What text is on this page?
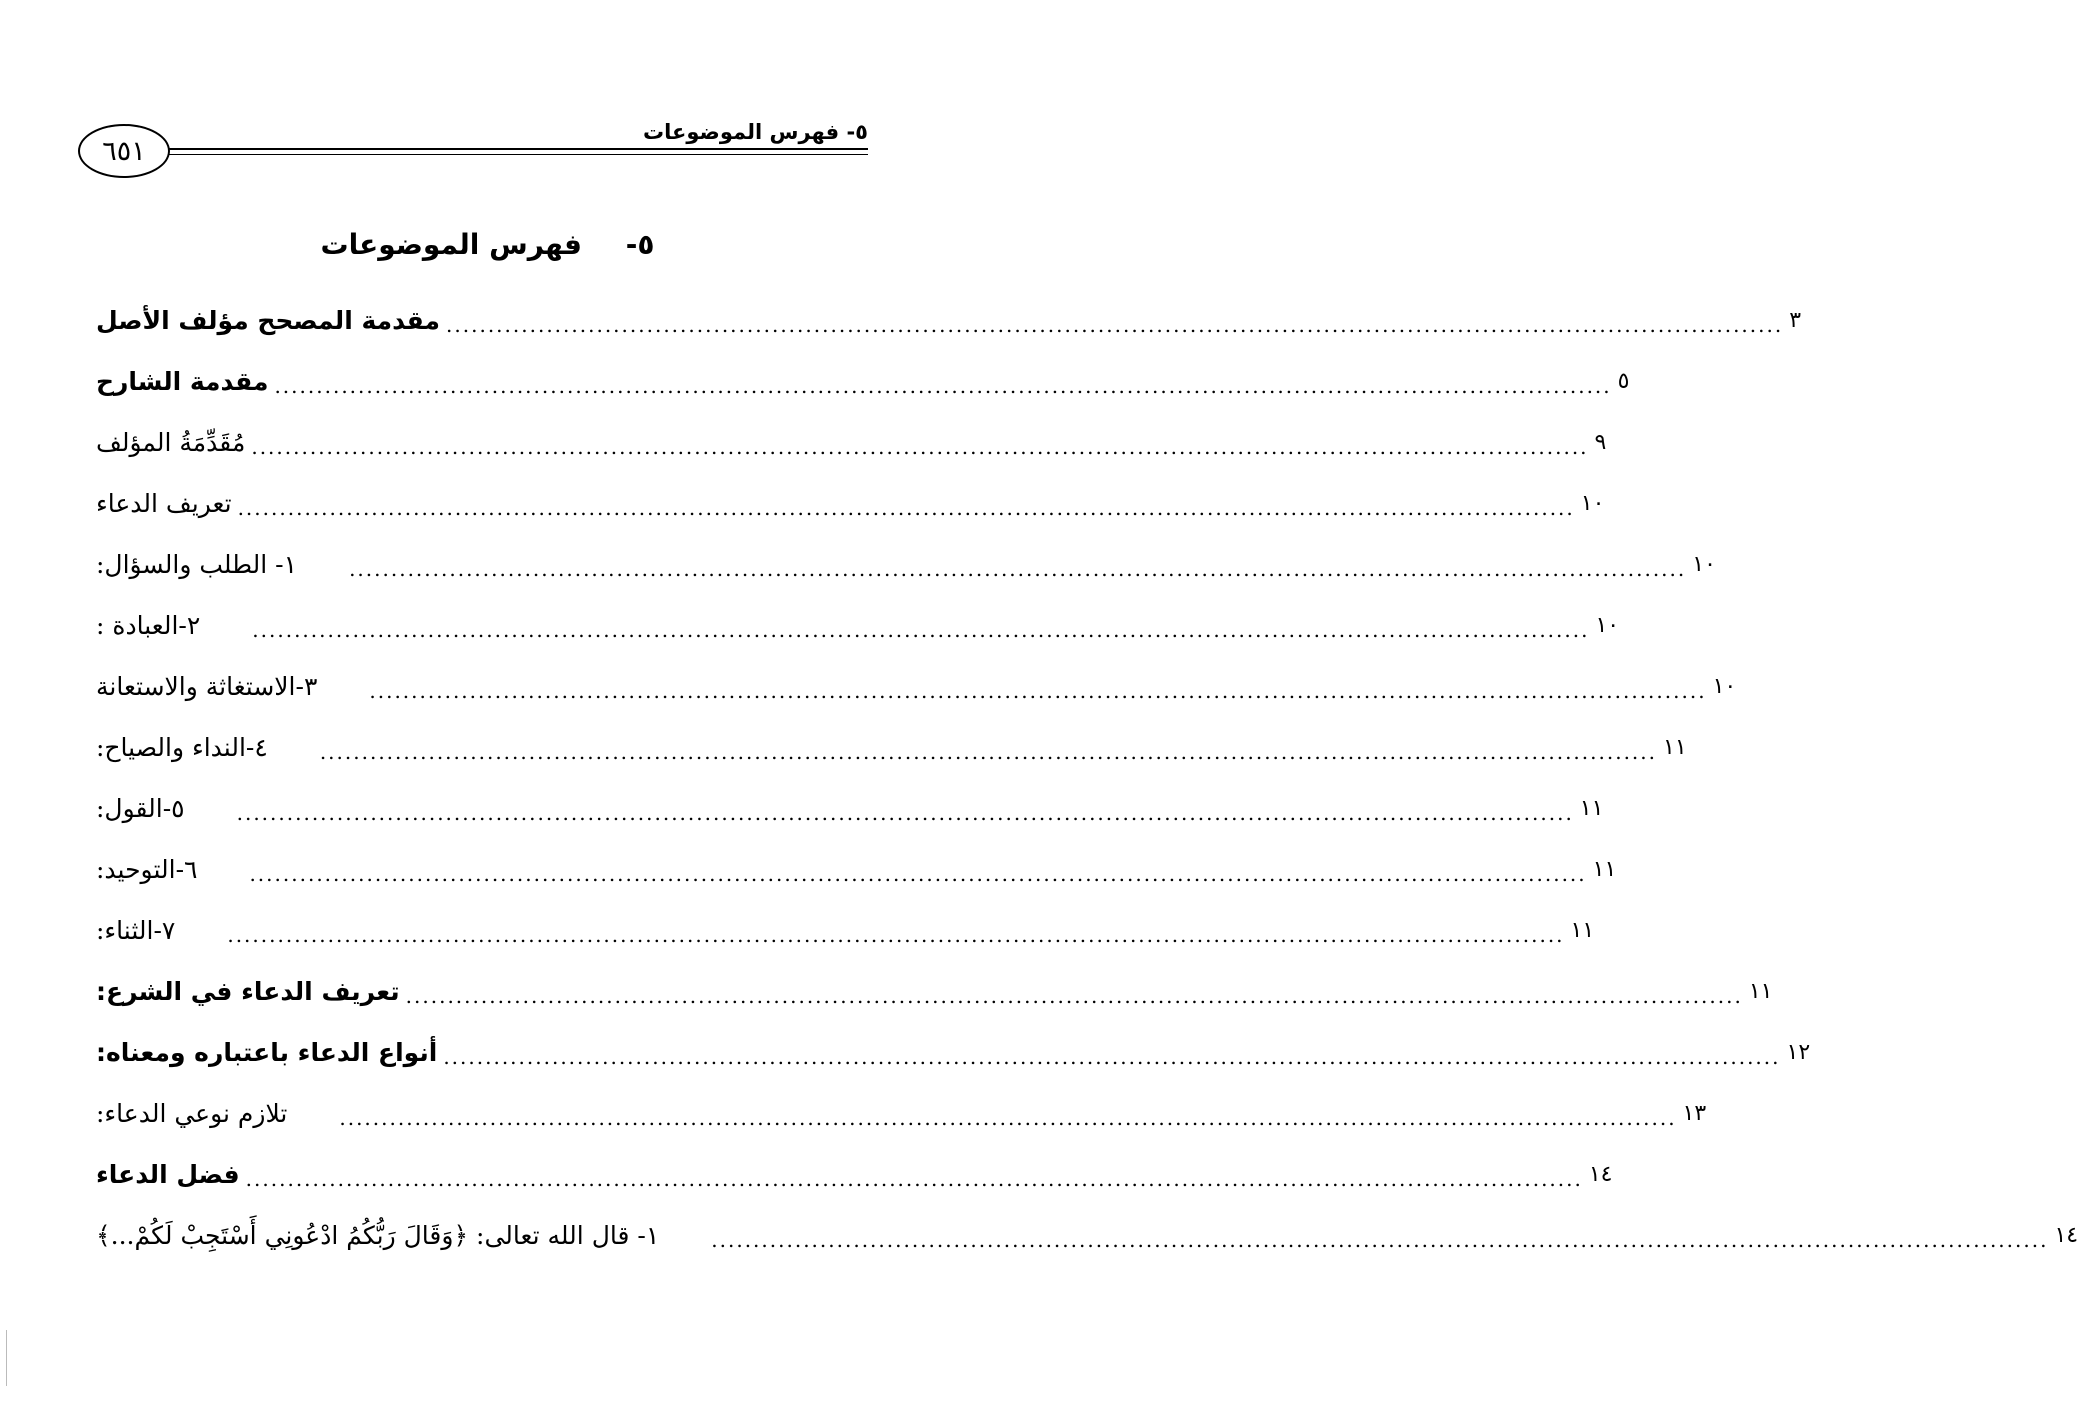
٦٥١
٥- فهرس الموضوعات
٥- فهرس الموضوعات
مقدمة المصحح مؤلف الأصل ................................................................................................................................................................ ٣
مقدمة الشارح ................................................................................................................................................................ ٥
مُقَدِّمَةُ المؤلف ................................................................................................................................................................ ٩
تعريف الدعاء ................................................................................................................................................................ ١٠
١- الطلب والسؤال:	................................................................................................................................................................ ١٠
٢-العبادة :	................................................................................................................................................................ ١٠
٣-الاستغاثة والاستعانة	................................................................................................................................................................ ١٠
٤-النداء والصياح:	................................................................................................................................................................ ١١
٥-القول:	................................................................................................................................................................ ١١
٦-التوحيد:	................................................................................................................................................................ ١١
٧-الثناء:	................................................................................................................................................................ ١١
تعريف الدعاء في الشرع: ................................................................................................................................................................ ١١
أنواع الدعاء باعتباره ومعناه: ................................................................................................................................................................ ١٢
تلازم نوعي الدعاء:	................................................................................................................................................................ ١٣
فضل الدعاء ................................................................................................................................................................ ١٤
١- قال الله تعالى: ﴿وَقَالَ رَبُّكُمُ ادْعُونِي أَسْتَجِبْ لَكُمْ...﴾	................................................................................................................................................................ ١٤
